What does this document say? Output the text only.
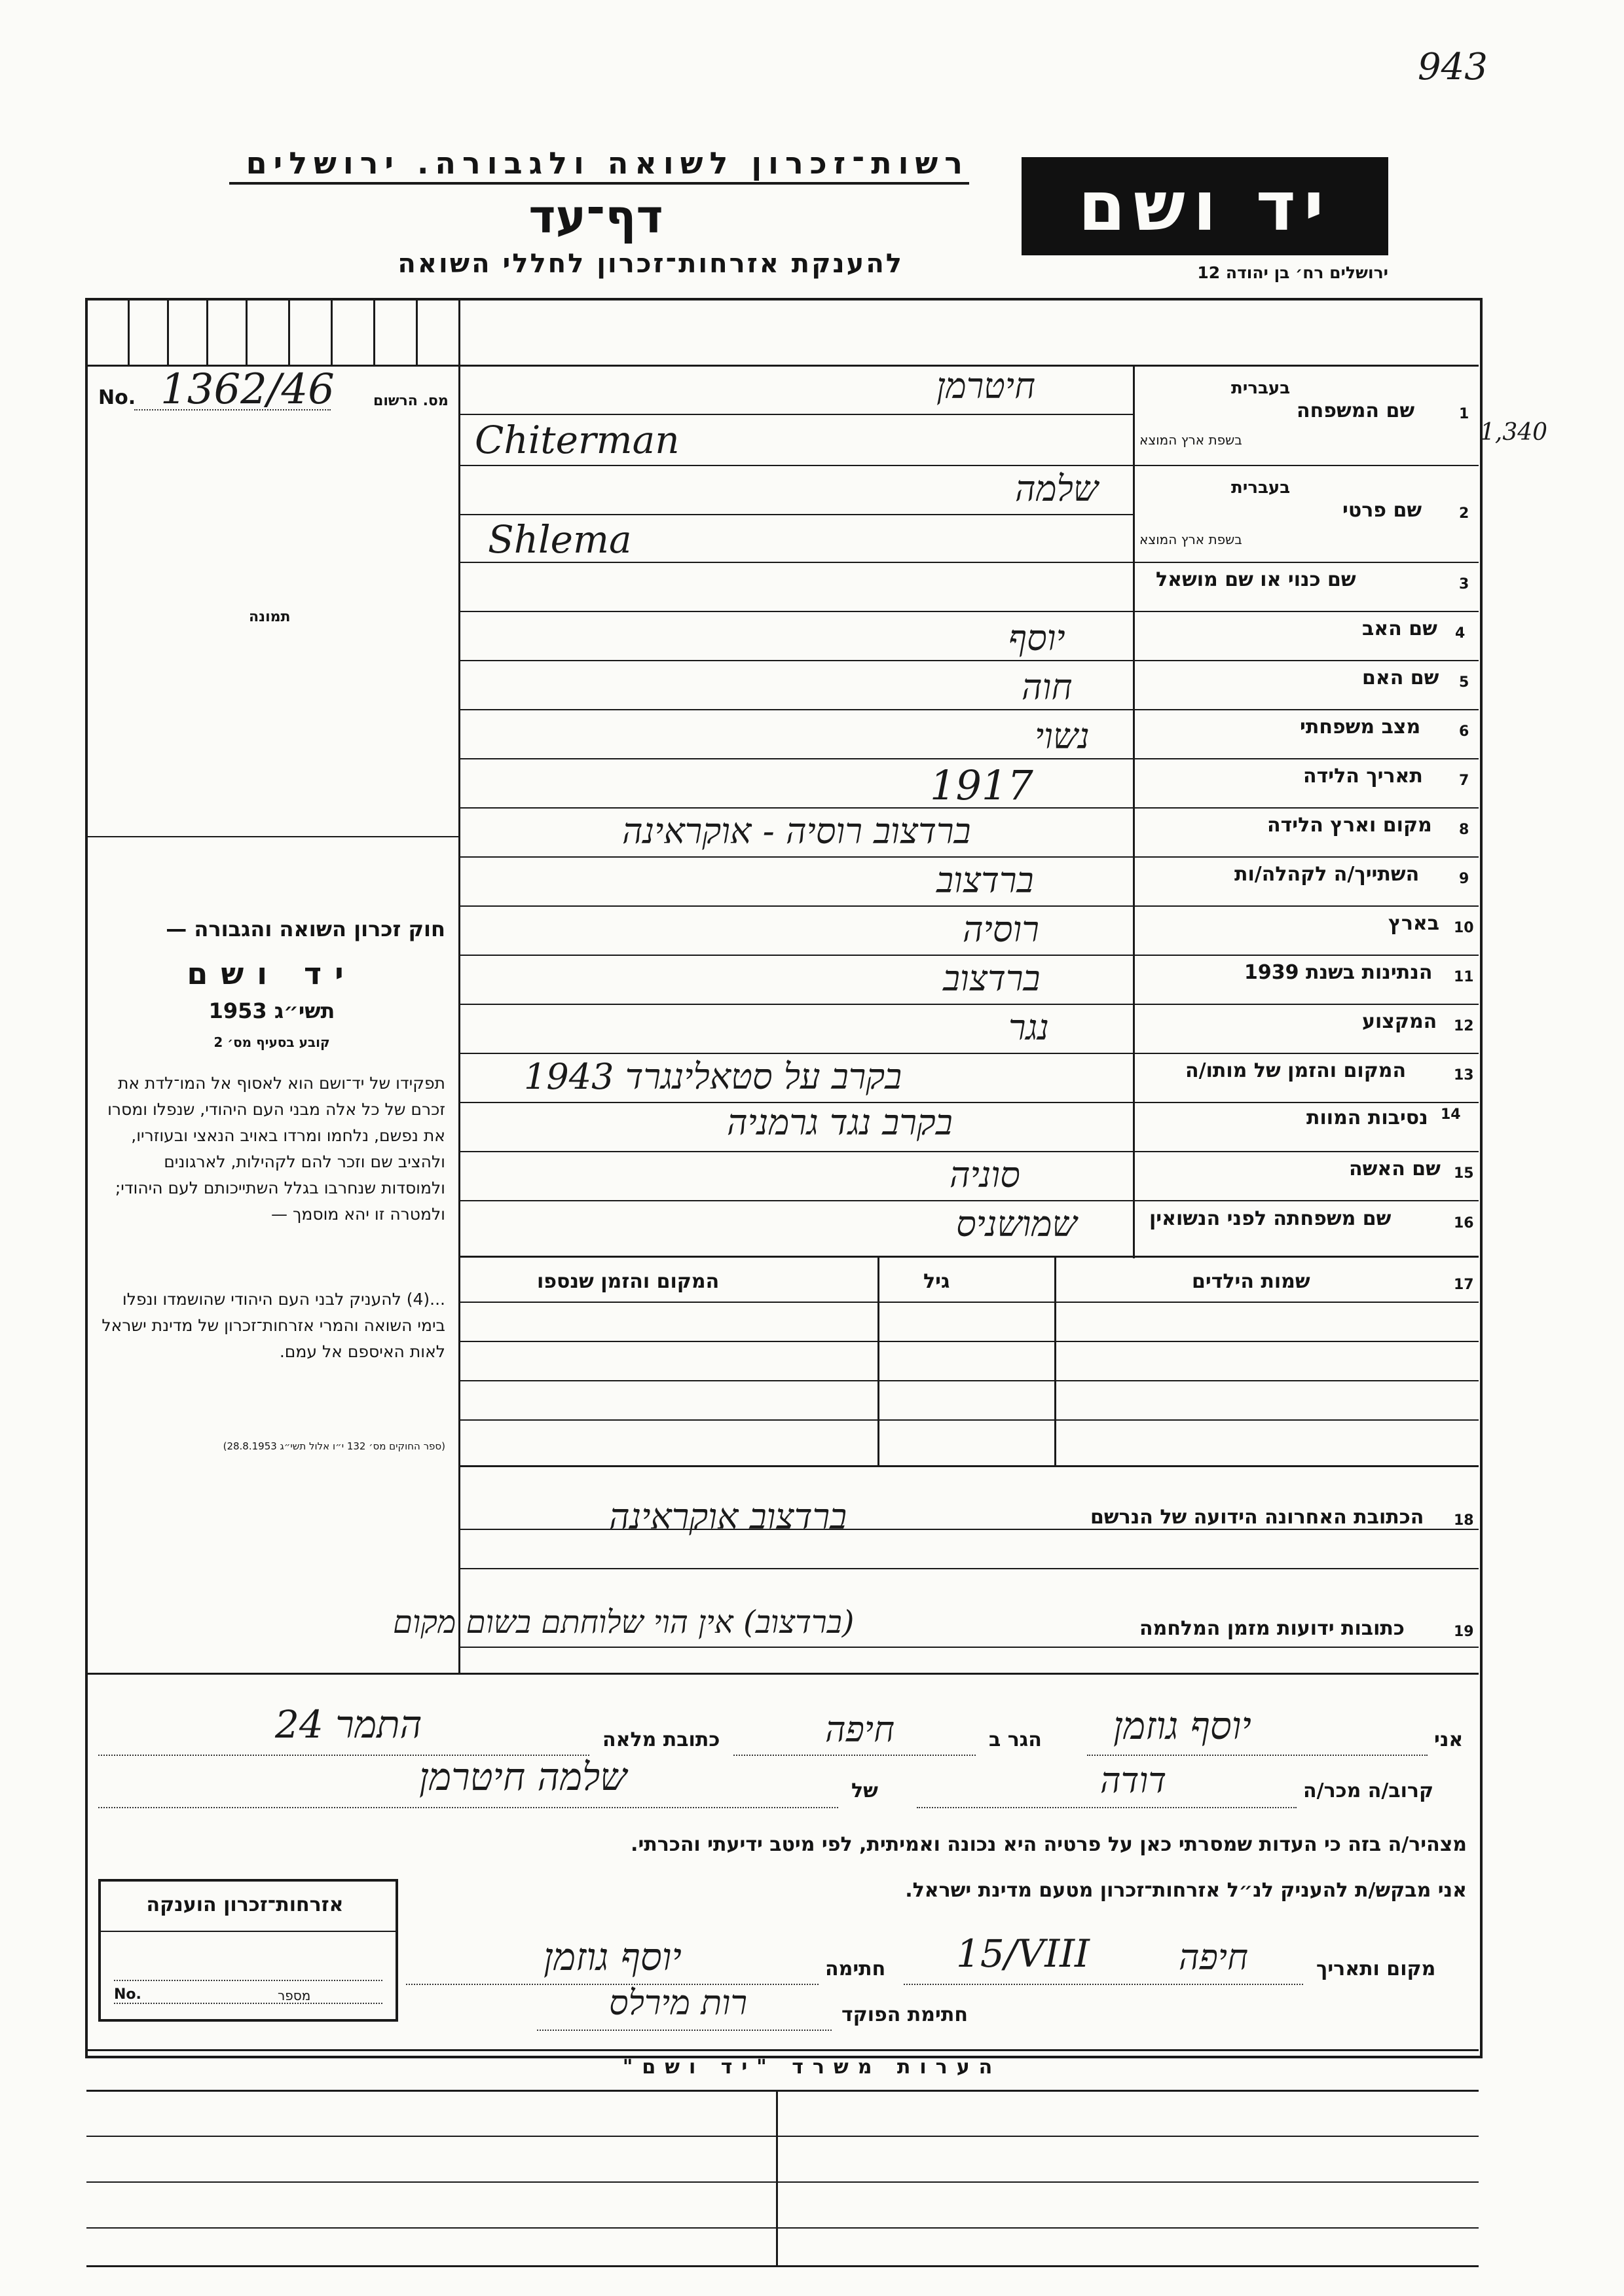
943
רשות־זכרון לשואה ולגבורה. ירושלים
דף־עד
להענקת אזרחות־זכרון לחללי השואה
יד ושם
ירושלים רח׳ בן יהודה 12
No. 1362/46	מס. הרשום
1,340
תמונה
1
שם המשפחה
בעברית
בשפת ארץ המוצא
חיטרמן
Chiterman
2
שם פרטי
בעברית
בשפת ארץ המוצא
שלמה
Shlema
3
שם כנוי או שם מושאל
4
שם האב
יוסף
5
שם האם
חוה
6
מצב משפחתי
נשוי
7
תאריך הלידה
1917
8
מקום וארץ הלידה
ברדצוב רוסיה - אוקראינה
9
השתייך/ה לקהלה/ות
ברדצוב
10
בארץ
רוסיה
11
הנתינות בשנת 1939
ברדצוב
12
המקצוע
נגר
13
המקום והזמן של מותו/ה
בקרב על סטאלינגרד 1943
14
נסיבות המוות
בקרב נגד גרמניה
15
שם האשה
סוניה
16
שם משפחתה לפני הנשואין
שמושניס
17
שמות הילדים
גיל
המקום והזמן שנספו
חוק זכרון השואה והגבורה —
יד ושם
תשי״ג 1953
קובע בסעיף מס׳ 2
תפקידו של יד־ושם הוא לאסוף אל המו־לדת את זכרם של כל אלה מבני העם היהודי, שנפלו ומסרו את נפשם, נלחמו ומרדו באויב הנאצי ובעוזריו, ולהציב שם וזכר להם לקהילות, לארגונים ולמוסדות שנחרבו בגלל השתייכותם לעם היהודי; ולמטרה זו יהא מוסמך —
...(4) להעניק לבני העם היהודי שהושמדו ונפלו בימי השואה והמרי אזרחות־זכרון של מדינת ישראל לאות האיספם אל עמם.
(ספר החוקים מס׳ 132 י״ו אלול תשי״ג 28.8.1953)
18
הכתובת האחרונה הידועה של הנרשם
ברדצוב אוקראינה
19
כתובות ידועות מזמן המלחמה
(ברדצוב) אין הוי שלוחתם בשום מקום
אני
יוסף גוזמן
הגר ב
חיפה
כתובת מלאה
התמר 24
קרוב/ה מכר/ה
דודה
של
שלמה חיטרמן
מצהיר/ה בזה כי העדות שמסרתי כאן על פרטיה היא נכונה ואמיתית, לפי מיטב ידיעתי והכרתי.
אני מבקש/ת להעניק לנ״ל אזרחות־זכרון מטעם מדינת ישראל.
מקום ותאריך
חיפה
15/VIII
חתימה
יוסף גוזמן
חתימת הפוקד
רות מירלס
אזרחות־זכרון הוענקה
No.	מספר
הערות משרד "יד ושם"
